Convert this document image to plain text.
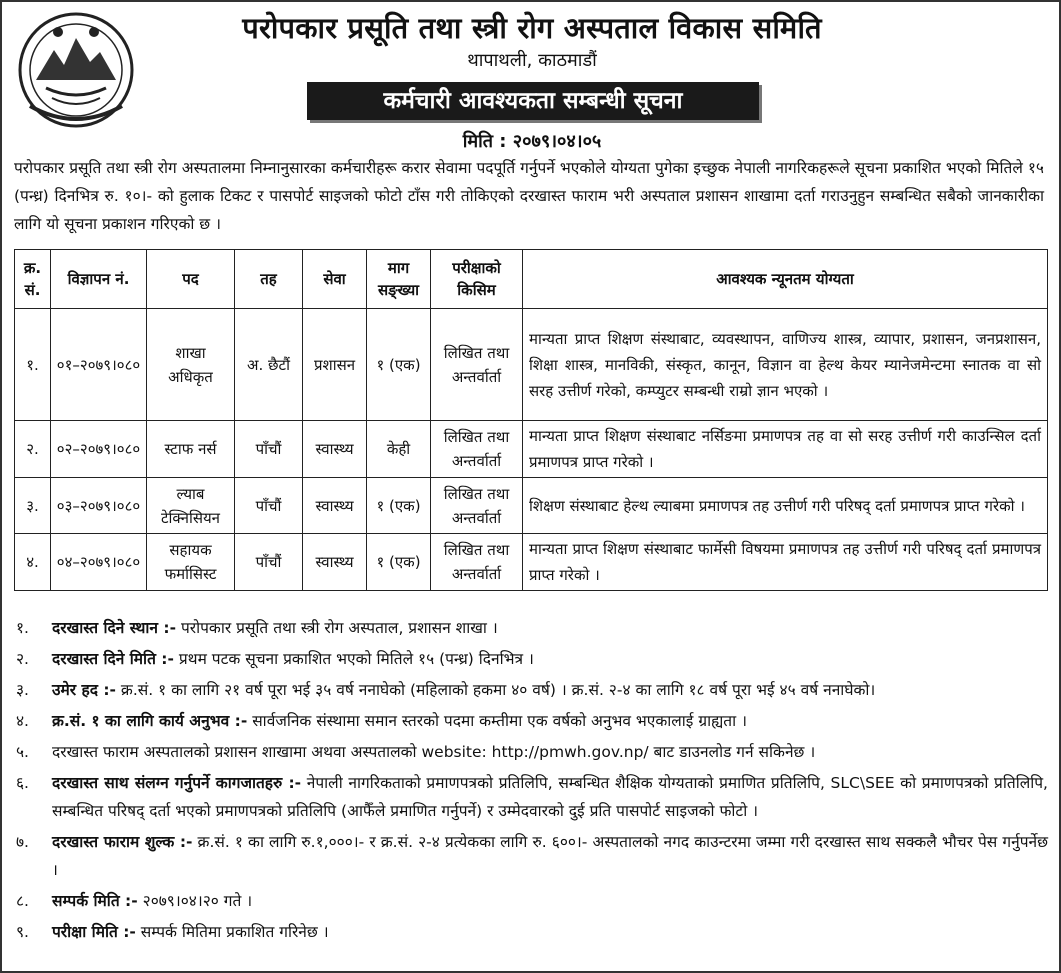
परोपकार प्रसूति तथा स्त्री रोग अस्पताल विकास समिति
थापाथली, काठमाडौं
कर्मचारी आवश्यकता सम्बन्धी सूचना
मिति : २०७९।०४।०५
परोपकार प्रसूति तथा स्त्री रोग अस्पतालमा निम्नानुसारका कर्मचारीहरू करार सेवामा पदपूर्ति गर्नुपर्ने भएकोले योग्यता पुगेका इच्छुक नेपाली नागरिकहरूले सूचना प्रकाशित भएको मितिले १५ (पन्ध्र) दिनभित्र रु. १०।- को हुलाक टिकट र पासपोर्ट साइजको फोटो टाँस गरी तोकिएको दरखास्त फाराम भरी अस्पताल प्रशासन शाखामा दर्ता गराउनुहुन सम्बन्धित सबैको जानकारीका लागि यो सूचना प्रकाशन गरिएको छ ।
क्र. सं.	विज्ञापन नं.	पद	तह	सेवा	माग सङ्ख्या	परीक्षाको किसिम	आवश्यक न्यूनतम योग्यता
१.	०१–२०७९।०८०	शाखा अधिकृत	अ. छैटौं	प्रशासन	१ (एक)	लिखित तथा अन्तर्वार्ता	मान्यता प्राप्त शिक्षण संस्थाबाट, व्यवस्थापन, वाणिज्य शास्त्र, व्यापार, प्रशासन, जनप्रशासन, शिक्षा शास्त्र, मानविकी, संस्कृत, कानून, विज्ञान वा हेल्थ केयर म्यानेजमेन्टमा स्नातक वा सो सरह उत्तीर्ण गरेको, कम्प्युटर सम्बन्धी राम्रो ज्ञान भएको ।
२.	०२–२०७९।०८०	स्टाफ नर्स	पाँचौं	स्वास्थ्य	केही	लिखित तथा अन्तर्वार्ता	मान्यता प्राप्त शिक्षण संस्थाबाट नर्सिङमा प्रमाणपत्र तह वा सो सरह उत्तीर्ण गरी काउन्सिल दर्ता प्रमाणपत्र प्राप्त गरेको ।
३.	०३–२०७९।०८०	ल्याब टेक्निसियन	पाँचौं	स्वास्थ्य	१ (एक)	लिखित तथा अन्तर्वार्ता	शिक्षण संस्थाबाट हेल्थ ल्याबमा प्रमाणपत्र तह उत्तीर्ण गरी परिषद् दर्ता प्रमाणपत्र प्राप्त गरेको ।
४.	०४–२०७९।०८०	सहायक फर्मासिस्ट	पाँचौं	स्वास्थ्य	१ (एक)	लिखित तथा अन्तर्वार्ता	मान्यता प्राप्त शिक्षण संस्थाबाट फार्मेसी विषयमा प्रमाणपत्र तह उत्तीर्ण गरी परिषद् दर्ता प्रमाणपत्र प्राप्त गरेको ।
१. दरखास्त दिने स्थान :- परोपकार प्रसूति तथा स्त्री रोग अस्पताल, प्रशासन शाखा ।
२. दरखास्त दिने मिति :- प्रथम पटक सूचना प्रकाशित भएको मितिले १५ (पन्ध्र) दिनभित्र ।
३. उमेर हद :- क्र.सं. १ का लागि २१ वर्ष पूरा भई ३५ वर्ष ननाघेको (महिलाको हकमा ४० वर्ष) । क्र.सं. २-४ का लागि १८ वर्ष पूरा भई ४५ वर्ष ननाघेको।
४. क्र.सं. १ का लागि कार्य अनुभव :- सार्वजनिक संस्थामा समान स्तरको पदमा कम्तीमा एक वर्षको अनुभव भएकालाई ग्राह्यता ।
५. दरखास्त फाराम अस्पतालको प्रशासन शाखामा अथवा अस्पतालको website: http://pmwh.gov.np/ बाट डाउनलोड गर्न सकिनेछ ।
६. दरखास्त साथ संलग्न गर्नुपर्ने कागजातहरु :- नेपाली नागरिकताको प्रमाणपत्रको प्रतिलिपि, सम्बन्धित शैक्षिक योग्यताको प्रमाणित प्रतिलिपि, SLC\SEE को प्रमाणपत्रको प्रतिलिपि, सम्बन्धित परिषद् दर्ता भएको प्रमाणपत्रको प्रतिलिपि (आफैँले प्रमाणित गर्नुपर्ने) र उम्मेदवारको दुई प्रति पासपोर्ट साइजको फोटो ।
७. दरखास्त फाराम शुल्क :- क्र.सं. १ का लागि रु.१,०००।- र क्र.सं. २-४ प्रत्येकका लागि रु. ६००।- अस्पतालको नगद काउन्टरमा जम्मा गरी दरखास्त साथ सक्कलै भौचर पेस गर्नुपर्नेछ ।
८. सम्पर्क मिति :- २०७९।०४।२० गते ।
९. परीक्षा मिति :- सम्पर्क मितिमा प्रकाशित गरिनेछ ।
